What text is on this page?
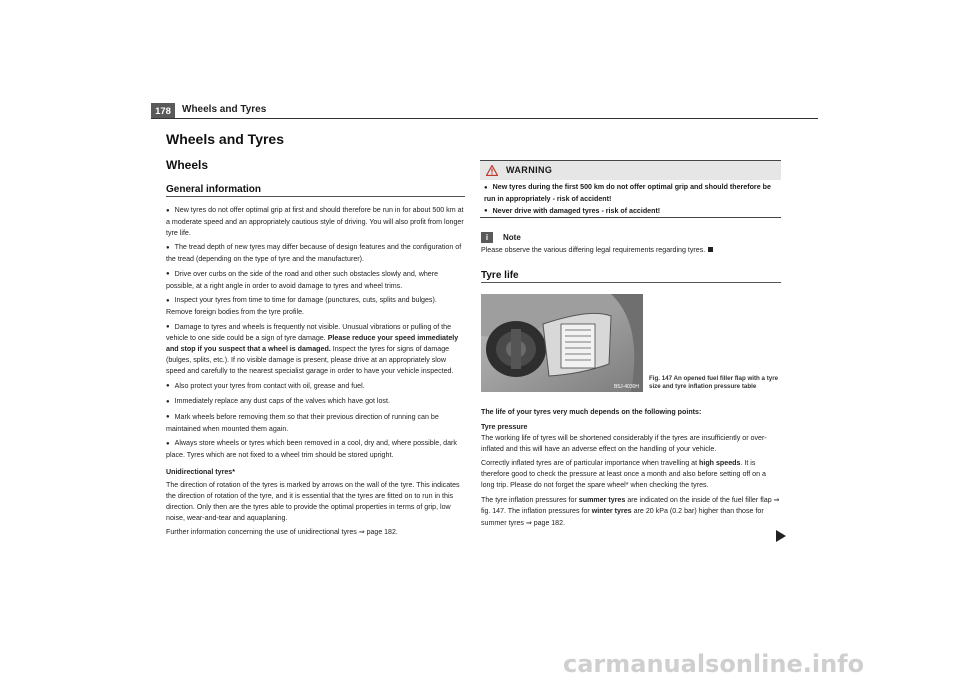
178	Wheels and Tyres
Wheels and Tyres
Wheels
General information

● New tyres do not offer optimal grip at first and should therefore be run in for about 500 km at a moderate speed and an appropriately cautious style of driving. You will also profit from longer tyre life.

● The tread depth of new tyres may differ because of design features and the configuration of the tread (depending on the type of tyre and the manufacturer).

● Drive over curbs on the side of the road and other such obstacles slowly and, where possible, at a right angle in order to avoid damage to tyres and wheel trims.

● Inspect your tyres from time to time for damage (punctures, cuts, splits and bulges). Remove foreign bodies from the tyre profile.

● Damage to tyres and wheels is frequently not visible. Unusual vibrations or pulling of the vehicle to one side could be a sign of tyre damage. Please reduce your speed immediately and stop if you suspect that a wheel is damaged. Inspect the tyres for signs of damage (bulges, splits, etc.). If no visible damage is present, please drive at an appropriately slow speed and carefully to the nearest specialist garage in order to have your vehicle inspected.

● Also protect your tyres from contact with oil, grease and fuel.

● Immediately replace any dust caps of the valves which have got lost.

● Mark wheels before removing them so that their previous direction of running can be maintained when mounted them again.

● Always store wheels or tyres which been removed in a cool, dry and, where possible, dark place. Tyres which are not fixed to a wheel trim should be stored upright.

Unidirectional tyres*

The direction of rotation of the tyres is marked by arrows on the wall of the tyre. This indicates the direction of rotation of the tyre, and it is essential that the tyres are fitted on to run in this direction. Only then are the tyres able to provide the optimal properties in terms of grip, low noise, wear-and-tear and aquaplaning.

Further information concerning the use of unidirectional tyres ⇒ page 182.

WARNING

● New tyres during the first 500 km do not offer optimal grip and should therefore be run in appropriately - risk of accident!

● Never drive with damaged tyres - risk of accident!

i	Note
Please observe the various differing legal requirements regarding tyres.
Tyre life
B5J-4030H
Fig. 147 An opened fuel filler flap with a tyre size and tyre inflation pressure table

The life of your tyres very much depends on the following points:

Tyre pressure

The working life of tyres will be shortened considerably if the tyres are insufficiently or over-inflated and this will have an adverse effect on the handling of your vehicle.

Correctly inflated tyres are of particular importance when travelling at high speeds. It is therefore good to check the pressure at least once a month and also before setting off on a long trip. Please do not forget the spare wheel* when checking the tyres.

The tyre inflation pressures for summer tyres are indicated on the inside of the fuel filler flap ⇒ fig. 147. The inflation pressures for winter tyres are 20 kPa (0.2 bar) higher than those for summer tyres ⇒ page 182.

carmanualsonline.info
